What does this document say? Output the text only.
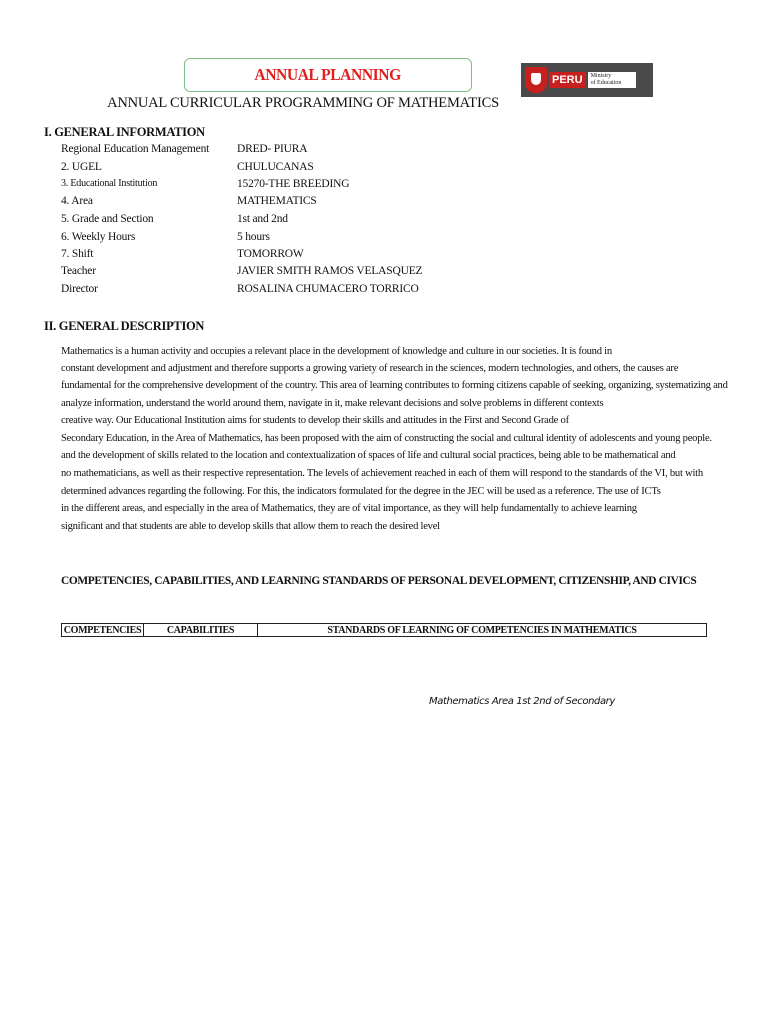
ANNUAL PLANNING	PERU	Ministry
of Education
ANNUAL CURRICULAR PROGRAMMING OF MATHEMATICS
I. GENERAL INFORMATION
Regional Education Management DRED- PIURA
2. UGEL	CHULUCANAS
3. Educational Institution	15270-THE BREEDING
4. Area	MATHEMATICS
5. Grade and Section	1st and 2nd
6. Weekly Hours	5 hours
7. Shift	TOMORROW
Teacher	JAVIER SMITH RAMOS VELASQUEZ
Director	ROSALINA CHUMACERO TORRICO
II. GENERAL DESCRIPTION
Mathematics is a human activity and occupies a relevant place in the development of knowledge and culture in our societies. It is found in
constant development and adjustment and therefore supports a growing variety of research in the sciences, modern technologies, and others, the causes are
fundamental for the comprehensive development of the country. This area of learning contributes to forming citizens capable of seeking, organizing, systematizing and
analyze information, understand the world around them, navigate in it, make relevant decisions and solve problems in different contexts
creative way. Our Educational Institution aims for students to develop their skills and attitudes in the First and Second Grade of
Secondary Education, in the Area of Mathematics, has been proposed with the aim of constructing the social and cultural identity of adolescents and young people.
and the development of skills related to the location and contextualization of spaces of life and cultural social practices, being able to be mathematical and
no mathematicians, as well as their respective representation. The levels of achievement reached in each of them will respond to the standards of the VI, but with
determined advances regarding the following. For this, the indicators formulated for the degree in the JEC will be used as a reference. The use of ICTs
in the different areas, and especially in the area of Mathematics, they are of vital importance, as they will help fundamentally to achieve learning
significant and that students are able to develop skills that allow them to reach the desired level
COMPETENCIES, CAPABILITIES, AND LEARNING STANDARDS OF PERSONAL DEVELOPMENT, CITIZENSHIP, AND CIVICS
COMPETENCIES	CAPABILITIES	STANDARDS OF LEARNING OF COMPETENCIES IN MATHEMATICS
Mathematics Area 1st 2nd of Secondary
